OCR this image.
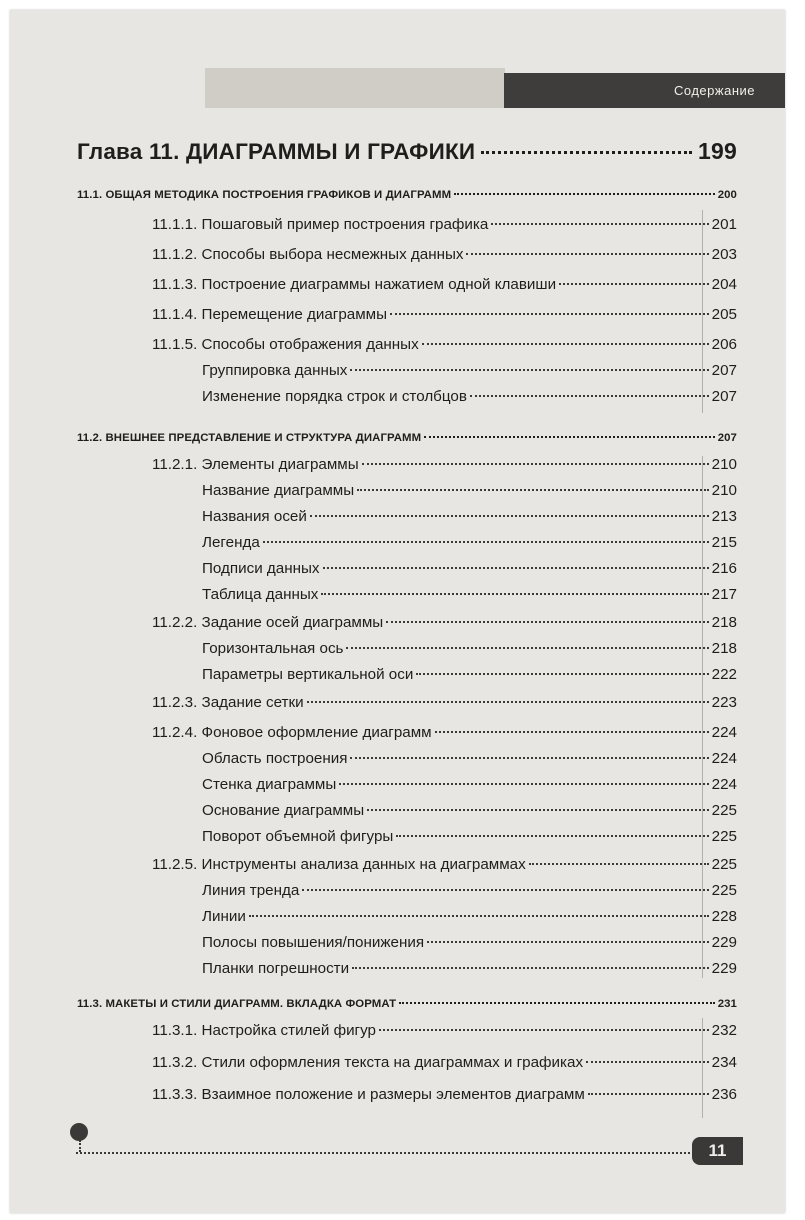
Содержание
Глава 11. ДИАГРАММЫ И ГРАФИКИ	199
11.1. ОБЩАЯ МЕТОДИКА ПОСТРОЕНИЯ ГРАФИКОВ И ДИАГРАММ	200
11.1.1. Пошаговый пример построения графика	201
11.1.2. Способы выбора несмежных данных	203
11.1.3. Построение диаграммы нажатием одной клавиши	204
11.1.4. Перемещение диаграммы	205
11.1.5. Способы отображения данных	206
Группировка данных	207
Изменение порядка строк и столбцов	207
11.2. ВНЕШНЕЕ ПРЕДСТАВЛЕНИЕ И СТРУКТУРА ДИАГРАММ	207
11.2.1. Элементы диаграммы	210
Название диаграммы	210
Названия осей	213
Легенда	215
Подписи данных	216
Таблица данных	217
11.2.2. Задание осей диаграммы	218
Горизонтальная ось	218
Параметры вертикальной оси	222
11.2.3. Задание сетки	223
11.2.4. Фоновое оформление диаграмм	224
Область построения	224
Стенка диаграммы	224
Основание диаграммы	225
Поворот объемной фигуры	225
11.2.5. Инструменты анализа данных на диаграммах	225
Линия тренда	225
Линии	228
Полосы повышения/понижения	229
Планки погрешности	229
11.3. МАКЕТЫ И СТИЛИ ДИАГРАММ. ВКЛАДКА ФОРМАТ	231
11.3.1. Настройка стилей фигур	232
11.3.2. Стили оформления текста на диаграммах и графиках	234
11.3.3. Взаимное положение и размеры элементов диаграмм	236
11
